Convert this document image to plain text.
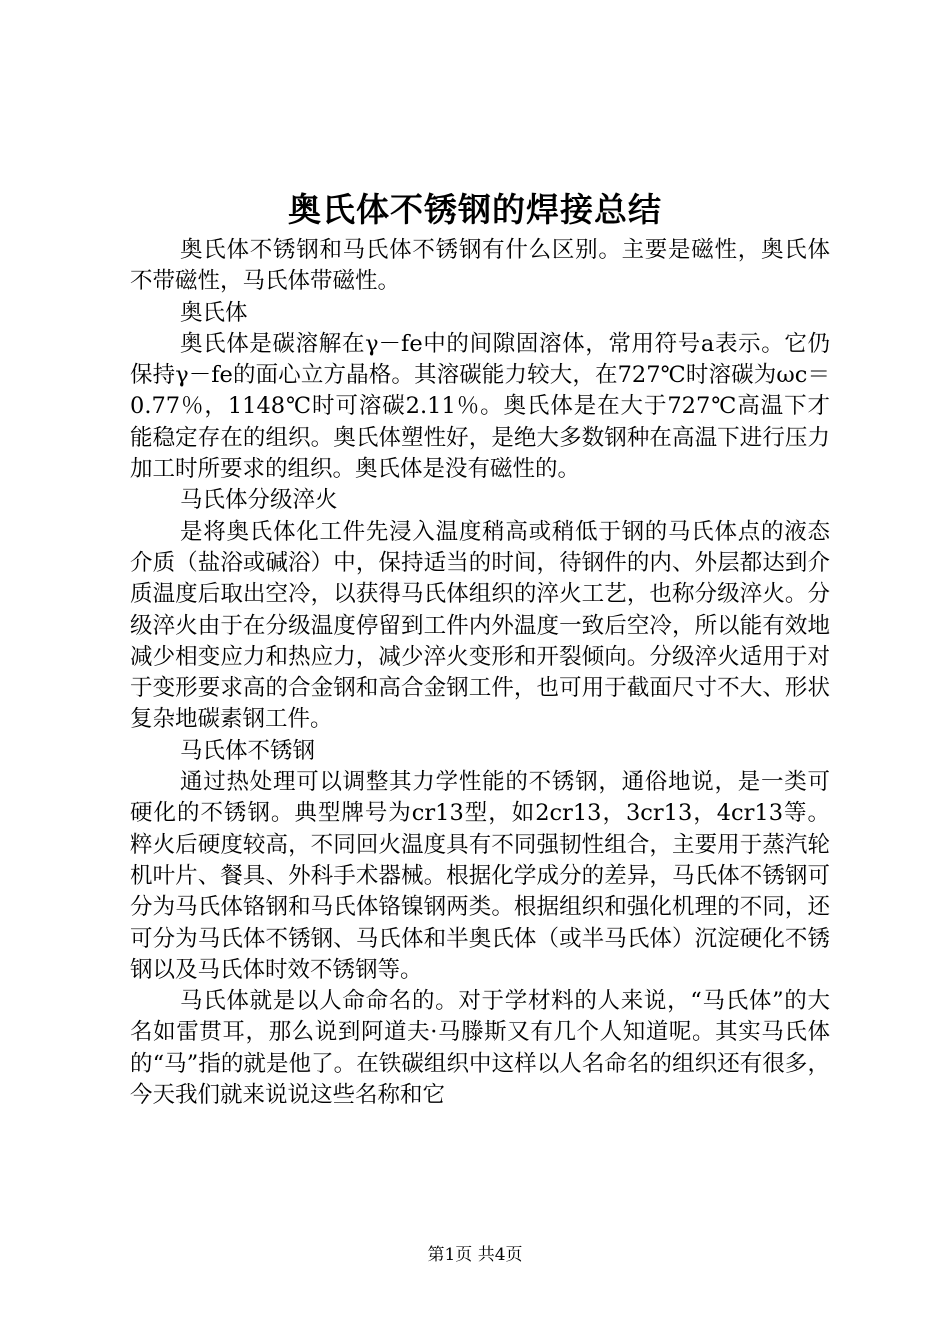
奥氏体不锈钢的焊接总结

奥氏体不锈钢和马氏体不锈钢有什么区别。主要是磁性，奥氏体不带磁性，马氏体带磁性。

奥氏体

奥氏体是碳溶解在γ－fe中的间隙固溶体，常用符号a表示。它仍保持γ－fe的面心立方晶格。其溶碳能力较大，在727℃时溶碳为ωc＝0.77％，1148℃时可溶碳2.11％。奥氏体是在大于727℃高温下才能稳定存在的组织。奥氏体塑性好，是绝大多数钢种在高温下进行压力加工时所要求的组织。奥氏体是没有磁性的。

马氏体分级淬火

是将奥氏体化工件先浸入温度稍高或稍低于钢的马氏体点的液态介质（盐浴或碱浴）中，保持适当的时间，待钢件的内、外层都达到介质温度后取出空冷，以获得马氏体组织的淬火工艺，也称分级淬火。分级淬火由于在分级温度停留到工件内外温度一致后空冷，所以能有效地减少相变应力和热应力，减少淬火变形和开裂倾向。分级淬火适用于对于变形要求高的合金钢和高合金钢工件，也可用于截面尺寸不大、形状复杂地碳素钢工件。

马氏体不锈钢

通过热处理可以调整其力学性能的不锈钢，通俗地说，是一类可硬化的不锈钢。典型牌号为cr13型，如2cr13，3cr13，4cr13等。粹火后硬度较高，不同回火温度具有不同强韧性组合，主要用于蒸汽轮机叶片、餐具、外科手术器械。根据化学成分的差异，马氏体不锈钢可分为马氏体铬钢和马氏体铬镍钢两类。根据组织和强化机理的不同，还可分为马氏体不锈钢、马氏体和半奥氏体（或半马氏体）沉淀硬化不锈钢以及马氏体时效不锈钢等。

马氏体就是以人命命名的。对于学材料的人来说，“马氏体”的大名如雷贯耳，那么说到阿道夫·马滕斯又有几个人知道呢。其实马氏体的“马”指的就是他了。在铁碳组织中这样以人名命名的组织还有很多，今天我们就来说说这些名称和它

第1页 共4页
